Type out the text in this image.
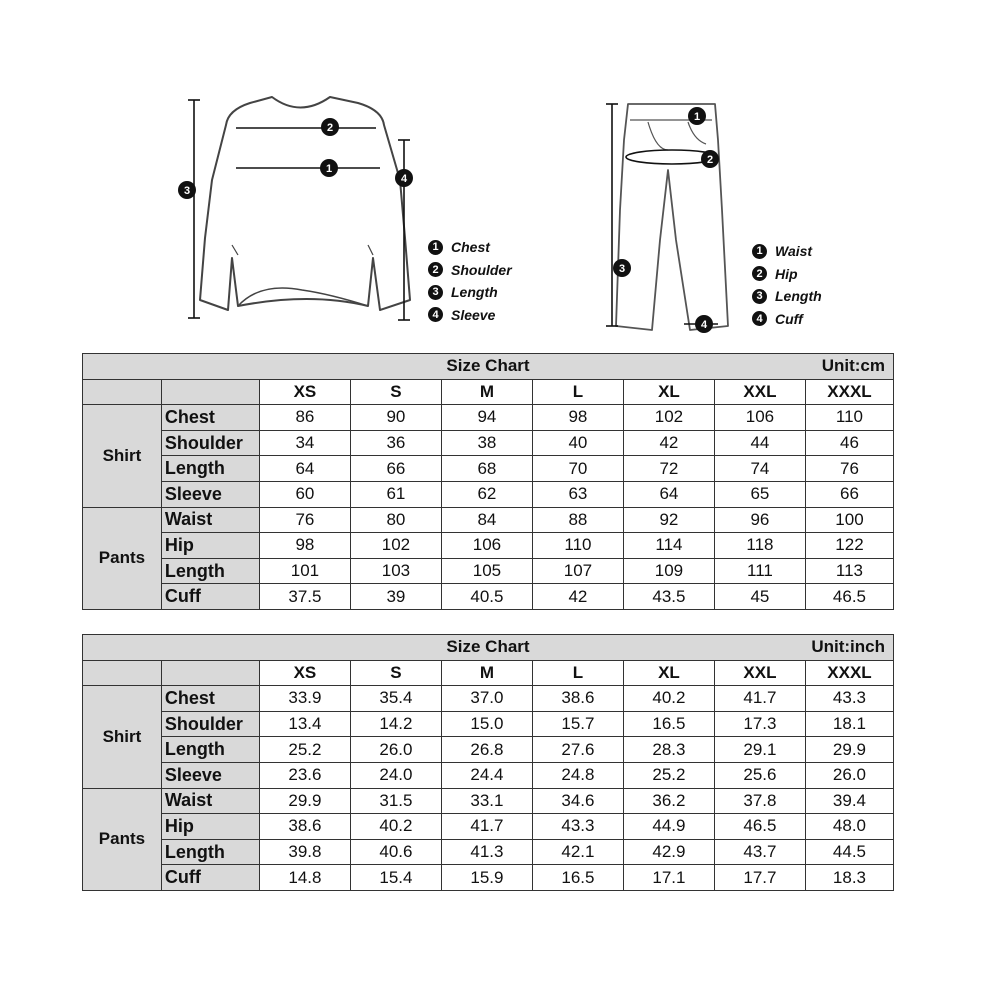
2
1
3
4
1
2
3
4
1 Chest
2 Shoulder
3 Length
4 Sleeve
1 Waist
2 Hip
3 Length
4 Cuff
Size Chart Unit:cm								

		XS	S	M	L	XL	XXL	XXXL
Shirt	Chest	86	90	94	98	102	106	110
	Shoulder	34	36	38	40	42	44	46
	Length	64	66	68	70	72	74	76
	Sleeve	60	61	62	63	64	65	66
Pants	Waist	76	80	84	88	92	96	100
	Hip	98	102	106	110	114	118	122
	Length	101	103	105	107	109	111	113
	Cuff	37.5	39	40.5	42	43.5	45	46.5
Size Chart Unit:inch								

		XS	S	M	L	XL	XXL	XXXL
Shirt	Chest	33.9	35.4	37.0	38.6	40.2	41.7	43.3
	Shoulder	13.4	14.2	15.0	15.7	16.5	17.3	18.1
	Length	25.2	26.0	26.8	27.6	28.3	29.1	29.9
	Sleeve	23.6	24.0	24.4	24.8	25.2	25.6	26.0
Pants	Waist	29.9	31.5	33.1	34.6	36.2	37.8	39.4
	Hip	38.6	40.2	41.7	43.3	44.9	46.5	48.0
	Length	39.8	40.6	41.3	42.1	42.9	43.7	44.5
	Cuff	14.8	15.4	15.9	16.5	17.1	17.7	18.3
